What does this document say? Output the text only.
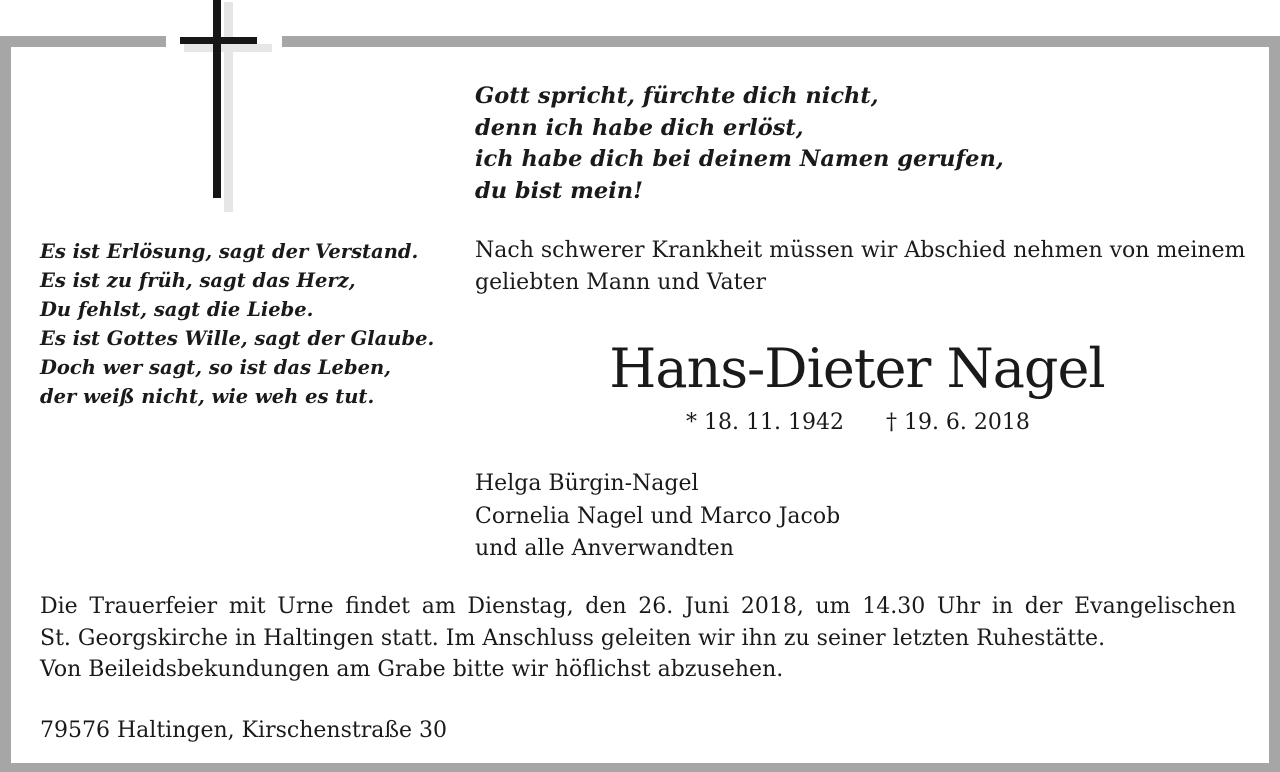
Gott spricht, fürchte dich nicht,
denn ich habe dich erlöst,
ich habe dich bei deinem Namen gerufen,
du bist mein!

Es ist Erlösung, sagt der Verstand.
Es ist zu früh, sagt das Herz,
Du fehlst, sagt die Liebe.
Es ist Gottes Wille, sagt der Glaube.
Doch wer sagt, so ist das Leben,
der weiß nicht, wie weh es tut.
Nach schwerer Krankheit müssen wir Abschied nehmen von meinem
geliebten Mann und Vater
Hans-Dieter Nagel
* 18. 11. 1942 † 19. 6. 2018
Helga Bürgin-Nagel
Cornelia Nagel und Marco Jacob
und alle Anverwandten
Die Trauerfeier mit Urne findet am Dienstag, den 26. Juni 2018, um 14.30 Uhr in der Evangelischen
St. Georgskirche in Haltingen statt. Im Anschluss geleiten wir ihn zu seiner letzten Ruhestätte.
Von Beileidsbekundungen am Grabe bitte wir höflichst abzusehen.
79576 Haltingen, Kirschenstraße 30
